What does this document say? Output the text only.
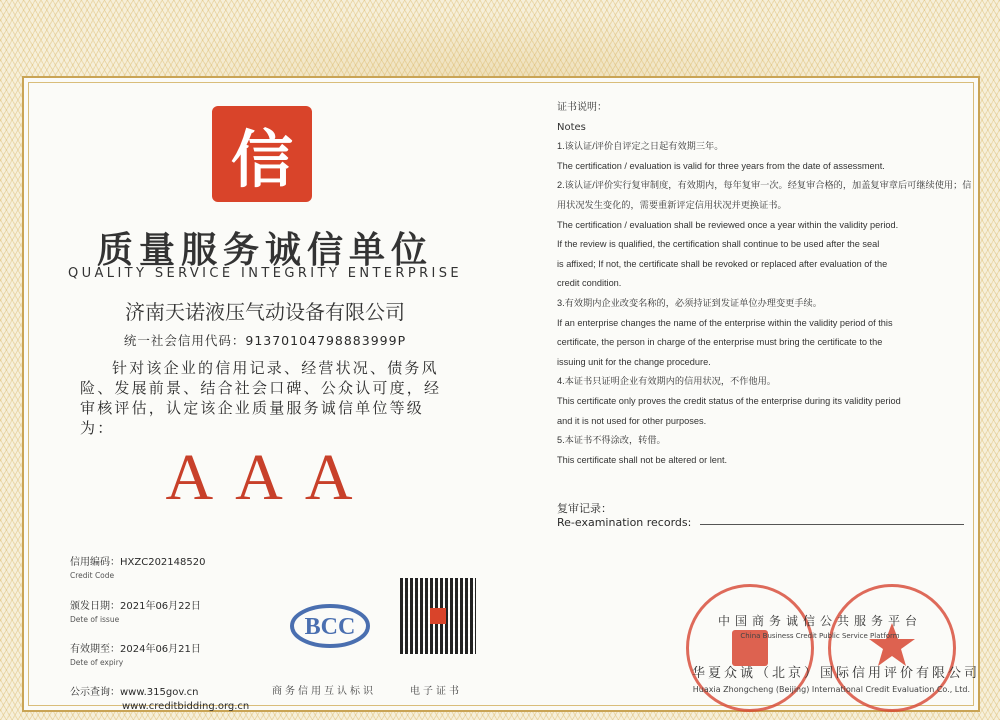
信
质量服务诚信单位
QUALITY SERVICE INTEGRITY ENTERPRISE
济南天诺液压气动设备有限公司
统一社会信用代码：91370104798883999P
针对该企业的信用记录、经营状况、债务风险、发展前景、结合社会口碑、公众认可度，经审核评估，认定该企业质量服务诚信单位等级为：
AAA
信用编码：HXZC202148520
Credit Code
颁发日期：2021年06月22日
Dete of issue
有效期至：2024年06月21日
Dete of expiry
公示查询：www.315gov.cn
www.creditbidding.org.cn
BCC
商务信用互认标识	电子证书
证书说明：
Notes
1.该认证/评价自评定之日起有效期三年。
The certification / evaluation is valid for three years from the date of assessment.
2.该认证/评价实行复审制度，有效期内，每年复审一次。经复审合格的，加盖复审章后可继续使用；信用状况发生变化的，需要重新评定信用状况并更换证书。
The certification / evaluation shall be reviewed once a year within the validity period.
If the review is qualified, the certification shall continue to be used after the seal
is affixed; If not, the certificate shall be revoked or replaced after evaluation of the
credit condition.
3.有效期内企业改变名称的，必须持证到发证单位办理变更手续。
If an enterprise changes the name of the enterprise within the validity period of this
certificate, the person in charge of the enterprise must bring the certificate to the
issuing unit for the change procedure.
4.本证书只证明企业有效期内的信用状况，不作他用。
This certificate only proves the credit status of the enterprise during its validity period
and it is not used for other purposes.
5.本证书不得涂改，转借。
This certificate shall not be altered or lent.
复审记录：
Re-examination records:
中国商务诚信公共服务平台
China Business Credit Public Service Platform
华夏众诚（北京）国际信用评价有限公司
Huaxia Zhongcheng (Beijing) International Credit Evaluation Co., Ltd.
